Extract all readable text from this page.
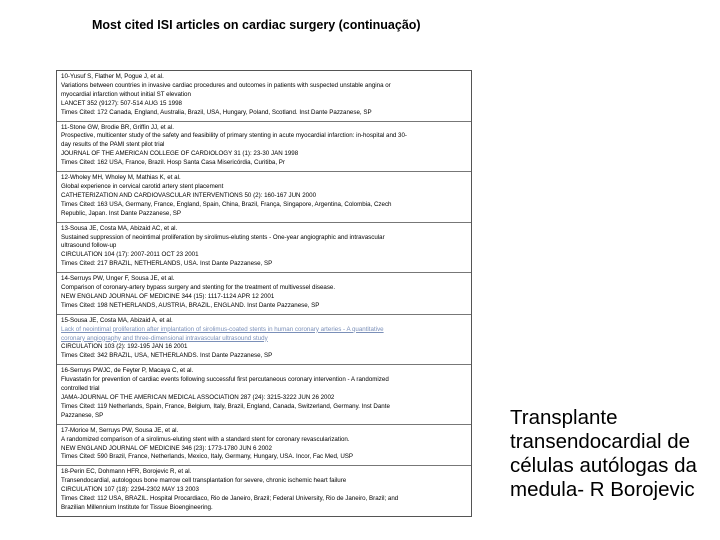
Most cited ISI articles on cardiac surgery (continuação)
10-Yusuf S, Flather M, Pogue J, et al.
Variations between countries in invasive cardiac procedures and outcomes in patients with suspected unstable angina or
myocardial infarction without initial ST elevation
LANCET 352 (9127): 507-514 AUG 15 1998
Times Cited: 172 Canada, England, Australia, Brazil, USA, Hungary, Poland, Scotland. Inst Dante Pazzanese, SP
11-Stone GW, Brodie BR, Griffin JJ, et al.
Prospective, multicenter study of the safety and feasibility of primary stenting in acute myocardial infarction: in-hospital and 30-
day results of the PAMI stent pilot trial
JOURNAL OF THE AMERICAN COLLEGE OF CARDIOLOGY 31 (1): 23-30 JAN 1998
Times Cited: 162 USA, France, Brazil. Hosp Santa Casa Misericórdia, Curitiba, Pr
12-Wholey MH, Wholey M, Mathias K, et al.
Global experience in cervical carotid artery stent placement
CATHETERIZATION AND CARDIOVASCULAR INTERVENTIONS 50 (2): 160-167 JUN 2000
Times Cited: 163 USA, Germany, France, England, Spain, China, Brazil, França, Singapore, Argentina, Colombia, Czech
Republic, Japan. Inst Dante Pazzanese, SP
13-Sousa JE, Costa MA, Abizaid AC, et al.
Sustained suppression of neointimal proliferation by sirolimus-eluting stents - One-year angiographic and intravascular
ultrasound follow-up
CIRCULATION 104 (17): 2007-2011 OCT 23 2001
Times Cited: 217 BRAZIL, NETHERLANDS, USA. Inst Dante Pazzanese, SP
14-Serruys PW, Unger F, Sousa JE, et al.
Comparison of coronary-artery bypass surgery and stenting for the treatment of multivessel disease.
NEW ENGLAND JOURNAL OF MEDICINE 344 (15): 1117-1124 APR 12 2001
Times Cited: 198 NETHERLANDS, AUSTRIA, BRAZIL, ENGLAND. Inst Dante Pazzanese, SP
15-Sousa JE, Costa MA, Abizaid A, et al.
Lack of neointimal proliferation after implantation of sirolimus-coated stents in human coronary arteries - A quantitative
coronary angiography and three-dimensional intravascular ultrasound study
CIRCULATION 103 (2): 192-195 JAN 16 2001
Times Cited: 342 BRAZIL, USA, NETHERLANDS. Inst Dante Pazzanese, SP
16-Serruys PWJC, de Feyter P, Macaya C, et al.
Fluvastatin for prevention of cardiac events following successful first percutaneous coronary intervention - A randomized
controlled trial
JAMA-JOURNAL OF THE AMERICAN MEDICAL ASSOCIATION 287 (24): 3215-3222 JUN 26 2002
Times Cited: 119 Netherlands, Spain, France, Belgium, Italy, Brazil, England, Canada, Switzerland, Germany. Inst Dante
Pazzanese, SP
17-Morice M, Serruys PW, Sousa JE, et al.
A randomized comparison of a sirolimus-eluting stent with a standard stent for coronary revascularization.
NEW ENGLAND JOURNAL OF MEDICINE 346 (23): 1773-1780 JUN 6 2002
Times Cited: 590 Brazil, France, Netherlands, Mexico, Italy, Germany, Hungary, USA. Incor, Fac Med, USP
18-Perin EC, Dohmann HFR, Borojevic R, et al.
Transendocardial, autologous bone marrow cell transplantation for severe, chronic ischemic heart failure
CIRCULATION 107 (18): 2294-2302 MAY 13 2003
Times Cited: 112 USA, BRAZIL. Hospital Procardiaco, Rio de Janeiro, Brazil; Federal University, Rio de Janeiro, Brazil; and
Brazilian Millennium Institute for Tissue Bioengineering.
Transplante
transendocardial de
células autólogas da
medula- R Borojevic
